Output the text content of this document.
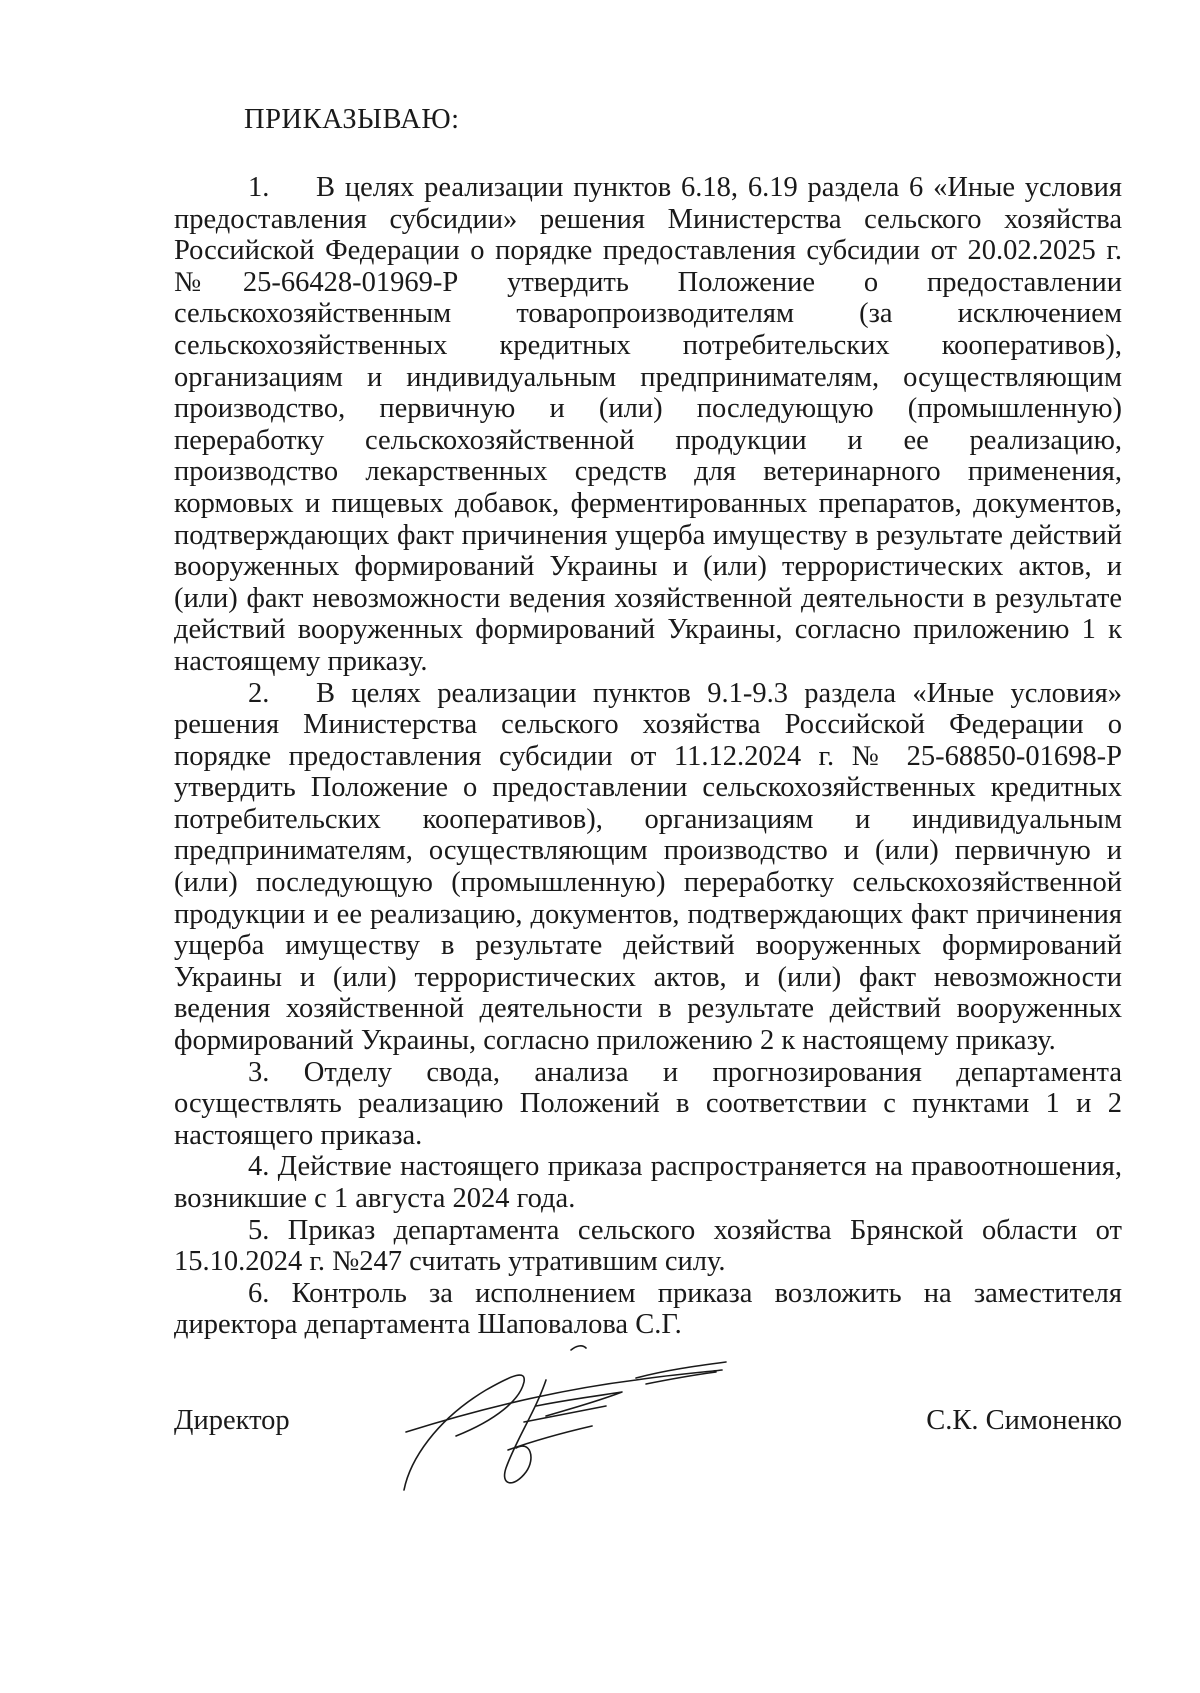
ПРИКАЗЫВАЮ:

1. В целях реализации пунктов 6.18, 6.19 раздела 6 «Иные условия предоставления субсидии» решения Министерства сельского хозяйства Российской Федерации о порядке предоставления субсидии от 20.02.2025 г. №25-66428-01969-Р утвердить Положение о предоставлении сельскохозяйственным товаропроизводителям (за исключением сельскохозяйственных кредитных потребительских кооперативов), организациям и индивидуальным предпринимателям, осуществляющим производство, первичную и (или) последующую (промышленную) переработку сельскохозяйственной продукции и ее реализацию, производство лекарственных средств для ветеринарного применения, кормовых и пищевых добавок, ферментированных препаратов, документов, подтверждающих факт причинения ущерба имуществу в результате действий вооруженных формирований Украины и (или) террористических актов, и (или) факт невозможности ведения хозяйственной деятельности в результате действий вооруженных формирований Украины, согласно приложению 1 к настоящему приказу.

2. В целях реализации пунктов 9.1-9.3 раздела «Иные условия» решения Министерства сельского хозяйства Российской Федерации о порядке предоставления субсидии от 11.12.2024 г. № 25-68850-01698-Р утвердить Положение о предоставлении сельскохозяйственных кредитных потребительских кооперативов), организациям и индивидуальным предпринимателям, осуществляющим производство и (или) первичную и (или) последующую (промышленную) переработку сельскохозяйственной продукции и ее реализацию, документов, подтверждающих факт причинения ущерба имуществу в результате действий вооруженных формирований Украины и (или) террористических актов, и (или) факт невозможности ведения хозяйственной деятельности в результате действий вооруженных формирований Украины, согласно приложению 2 к настоящему приказу.

3. Отделу свода, анализа и прогнозирования департамента осуществлять реализацию Положений в соответствии с пунктами 1 и 2 настоящего приказа.

4. Действие настоящего приказа распространяется на правоотношения, возникшие с 1 августа 2024 года.

5. Приказ департамента сельского хозяйства Брянской области от 15.10.2024 г. №247 считать утратившим силу.

6. Контроль за исполнением приказа возложить на заместителя директора департамента Шаповалова С.Г.

Директор	С.К. Симоненко
